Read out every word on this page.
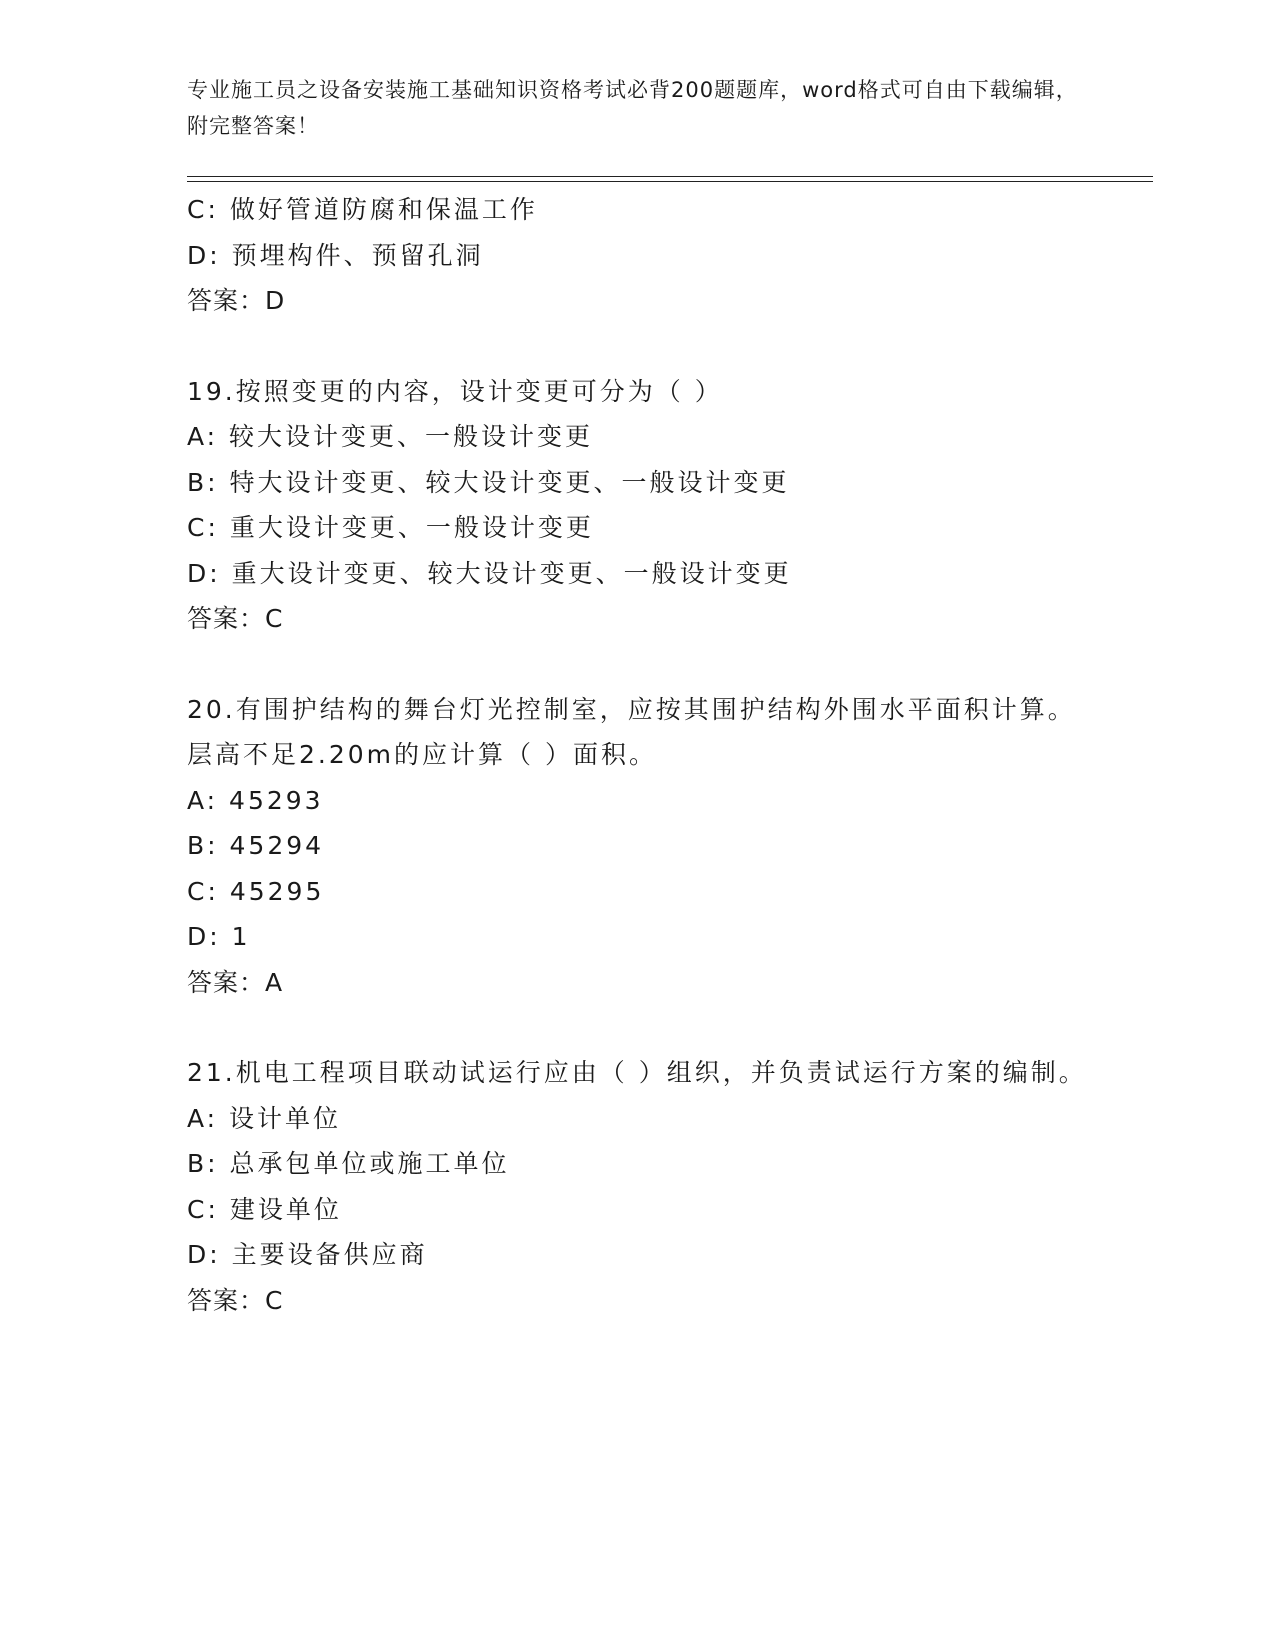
专业施工员之设备安装施工基础知识资格考试必背200题题库，word格式可自由下载编辑，附完整答案！
C: 做好管道防腐和保温工作
D: 预埋构件、预留孔洞
答案：D
19.按照变更的内容，设计变更可分为（ ）
A: 较大设计变更、一般设计变更
B: 特大设计变更、较大设计变更、一般设计变更
C: 重大设计变更、一般设计变更
D: 重大设计变更、较大设计变更、一般设计变更
答案：C
20.有围护结构的舞台灯光控制室，应按其围护结构外围水平面积计算。层高不足2.20m的应计算（ ）面积。
A: 45293
B: 45294
C: 45295
D: 1
答案：A
21.机电工程项目联动试运行应由（ ）组织，并负责试运行方案的编制。
A: 设计单位
B: 总承包单位或施工单位
C: 建设单位
D: 主要设备供应商
答案：C
